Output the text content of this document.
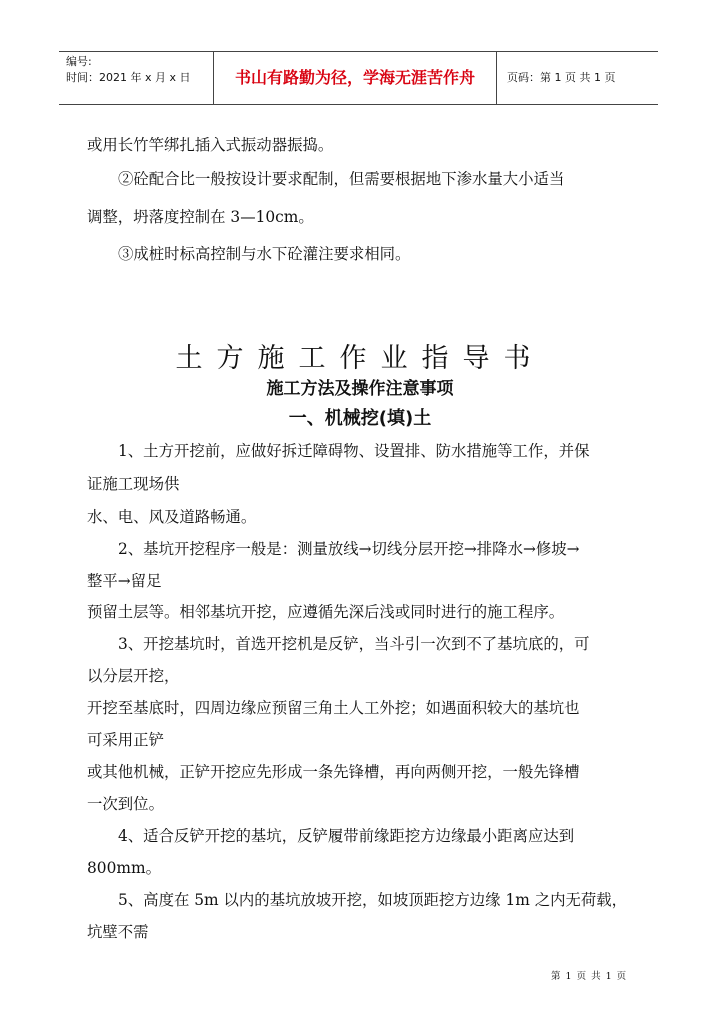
编号:
时间：2021 年 x 月 x 日	书山有路勤为径，学海无涯苦作舟	页码：第 1 页 共 1 页
或用长竹竿绑扎插入式振动器振捣。
②砼配合比一般按设计要求配制，但需要根据地下渗水量大小适当
调整，坍落度控制在 3—10cm。
③成桩时标高控制与水下砼灌注要求相同。
土方施工作业指导书
施工方法及操作注意事项
一、机械挖(填)土
1、土方开挖前，应做好拆迁障碍物、设置排、防水措施等工作，并保
证施工现场供
水、电、风及道路畅通。
2、基坑开挖程序一般是：测量放线→切线分层开挖→排降水→修坡→
整平→留足
预留土层等。相邻基坑开挖，应遵循先深后浅或同时进行的施工程序。
3、开挖基坑时，首选开挖机是反铲，当斗引一次到不了基坑底的，可
以分层开挖，
开挖至基底时，四周边缘应预留三角土人工外挖；如遇面积较大的基坑也
可采用正铲
或其他机械，正铲开挖应先形成一条先锋槽，再向两侧开挖，一般先锋槽
一次到位。
4、适合反铲开挖的基坑，反铲履带前缘距挖方边缘最小距离应达到
800mm。
5、高度在 5m 以内的基坑放坡开挖，如坡顶距挖方边缘 1m 之内无荷载，
坑壁不需
第 1 页 共 1 页
